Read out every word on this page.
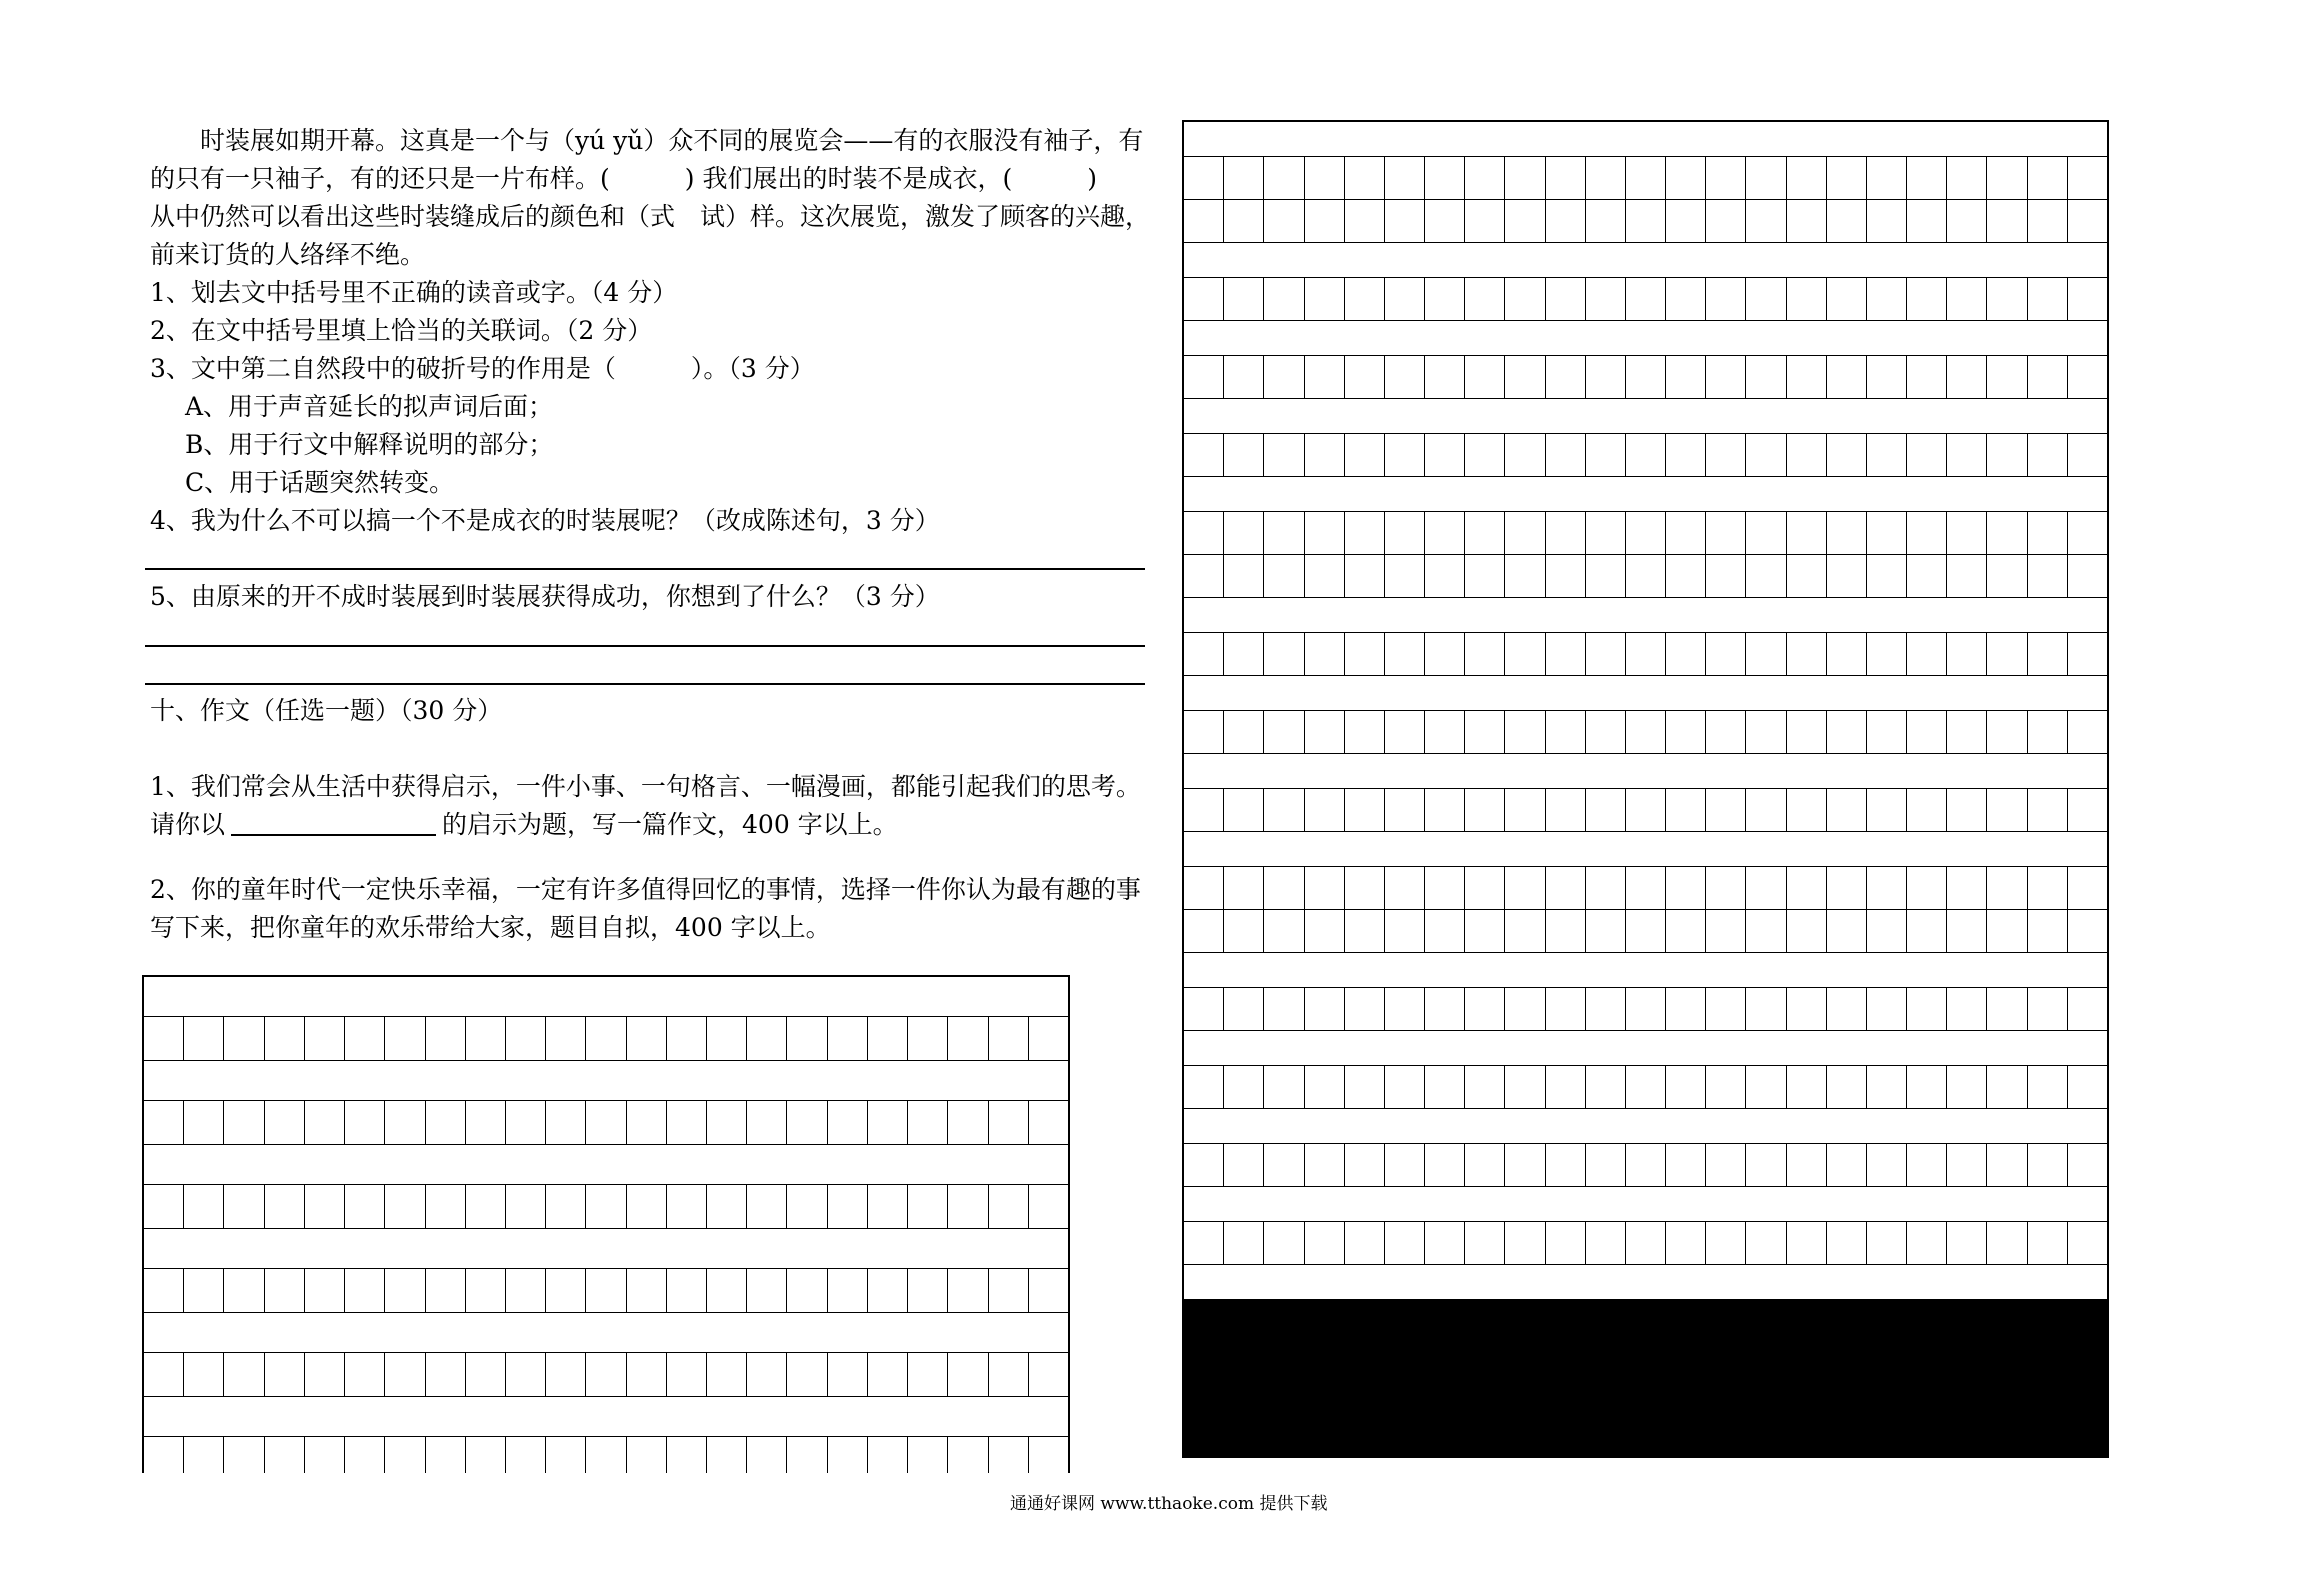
时装展如期开幕。这真是一个与（yú yǔ）众不同的展览会——有的衣服没有袖子，有
的只有一只袖子，有的还只是一片布样。(　　　) 我们展出的时装不是成衣，(　　　)
从中仍然可以看出这些时装缝成后的颜色和（式　试）样。这次展览，激发了顾客的兴趣，
前来订货的人络绎不绝。
1、划去文中括号里不正确的读音或字。（4 分）
2、在文中括号里填上恰当的关联词。（2 分）
3、文中第二自然段中的破折号的作用是（　　　）。（3 分）
A、用于声音延长的拟声词后面；
B、用于行文中解释说明的部分；
C、用于话题突然转变。
4、我为什么不可以搞一个不是成衣的时装展呢？（改成陈述句，3 分）
5、由原来的开不成时装展到时装展获得成功，你想到了什么？（3 分）
十、作文（任选一题）（30 分）
1、我们常会从生活中获得启示，一件小事、一句格言、一幅漫画，都能引起我们的思考。
请你以	的启示为题，写一篇作文，400 字以上。
2、你的童年时代一定快乐幸福，一定有许多值得回忆的事情，选择一件你认为最有趣的事
写下来，把你童年的欢乐带给大家，题目自拟，400 字以上。
通通好课网 www.tthaoke.com 提供下载
